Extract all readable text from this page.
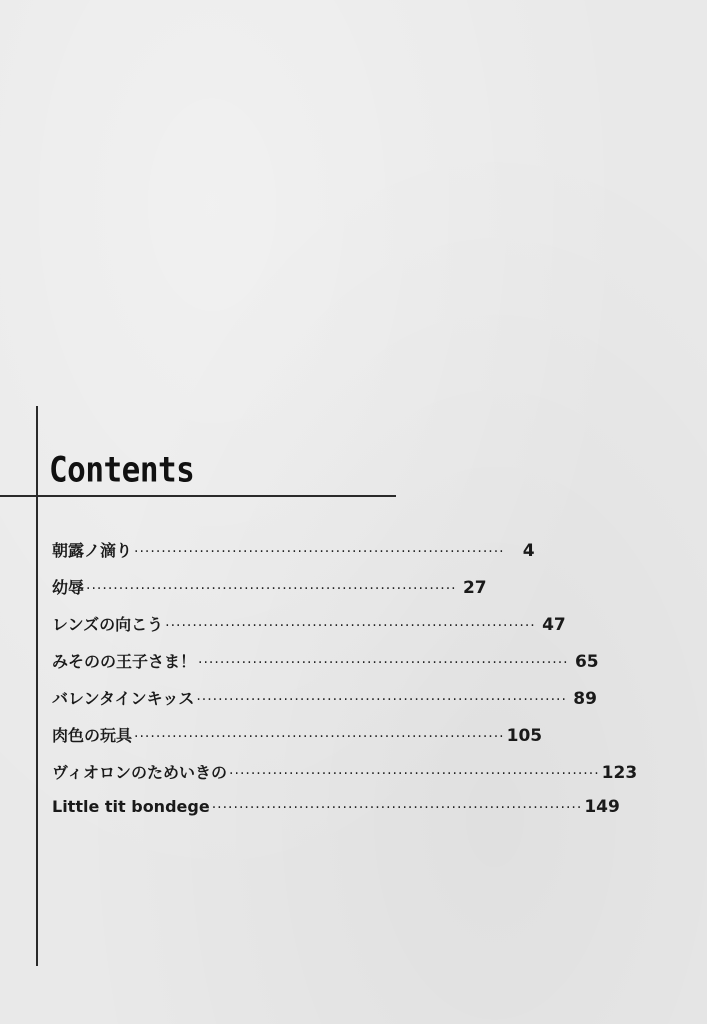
Contents
朝露ノ滴り ····································································	4
幼辱 ···································································· 27
レンズの向こう ···································································· 47
みそのの王子さま！ ···································································· 65
バレンタインキッス ···································································· 89
肉色の玩具 ···································································· 105
ヴィオロンのためいきの ···································································· 123
Little tit bondege ···································································· 149
